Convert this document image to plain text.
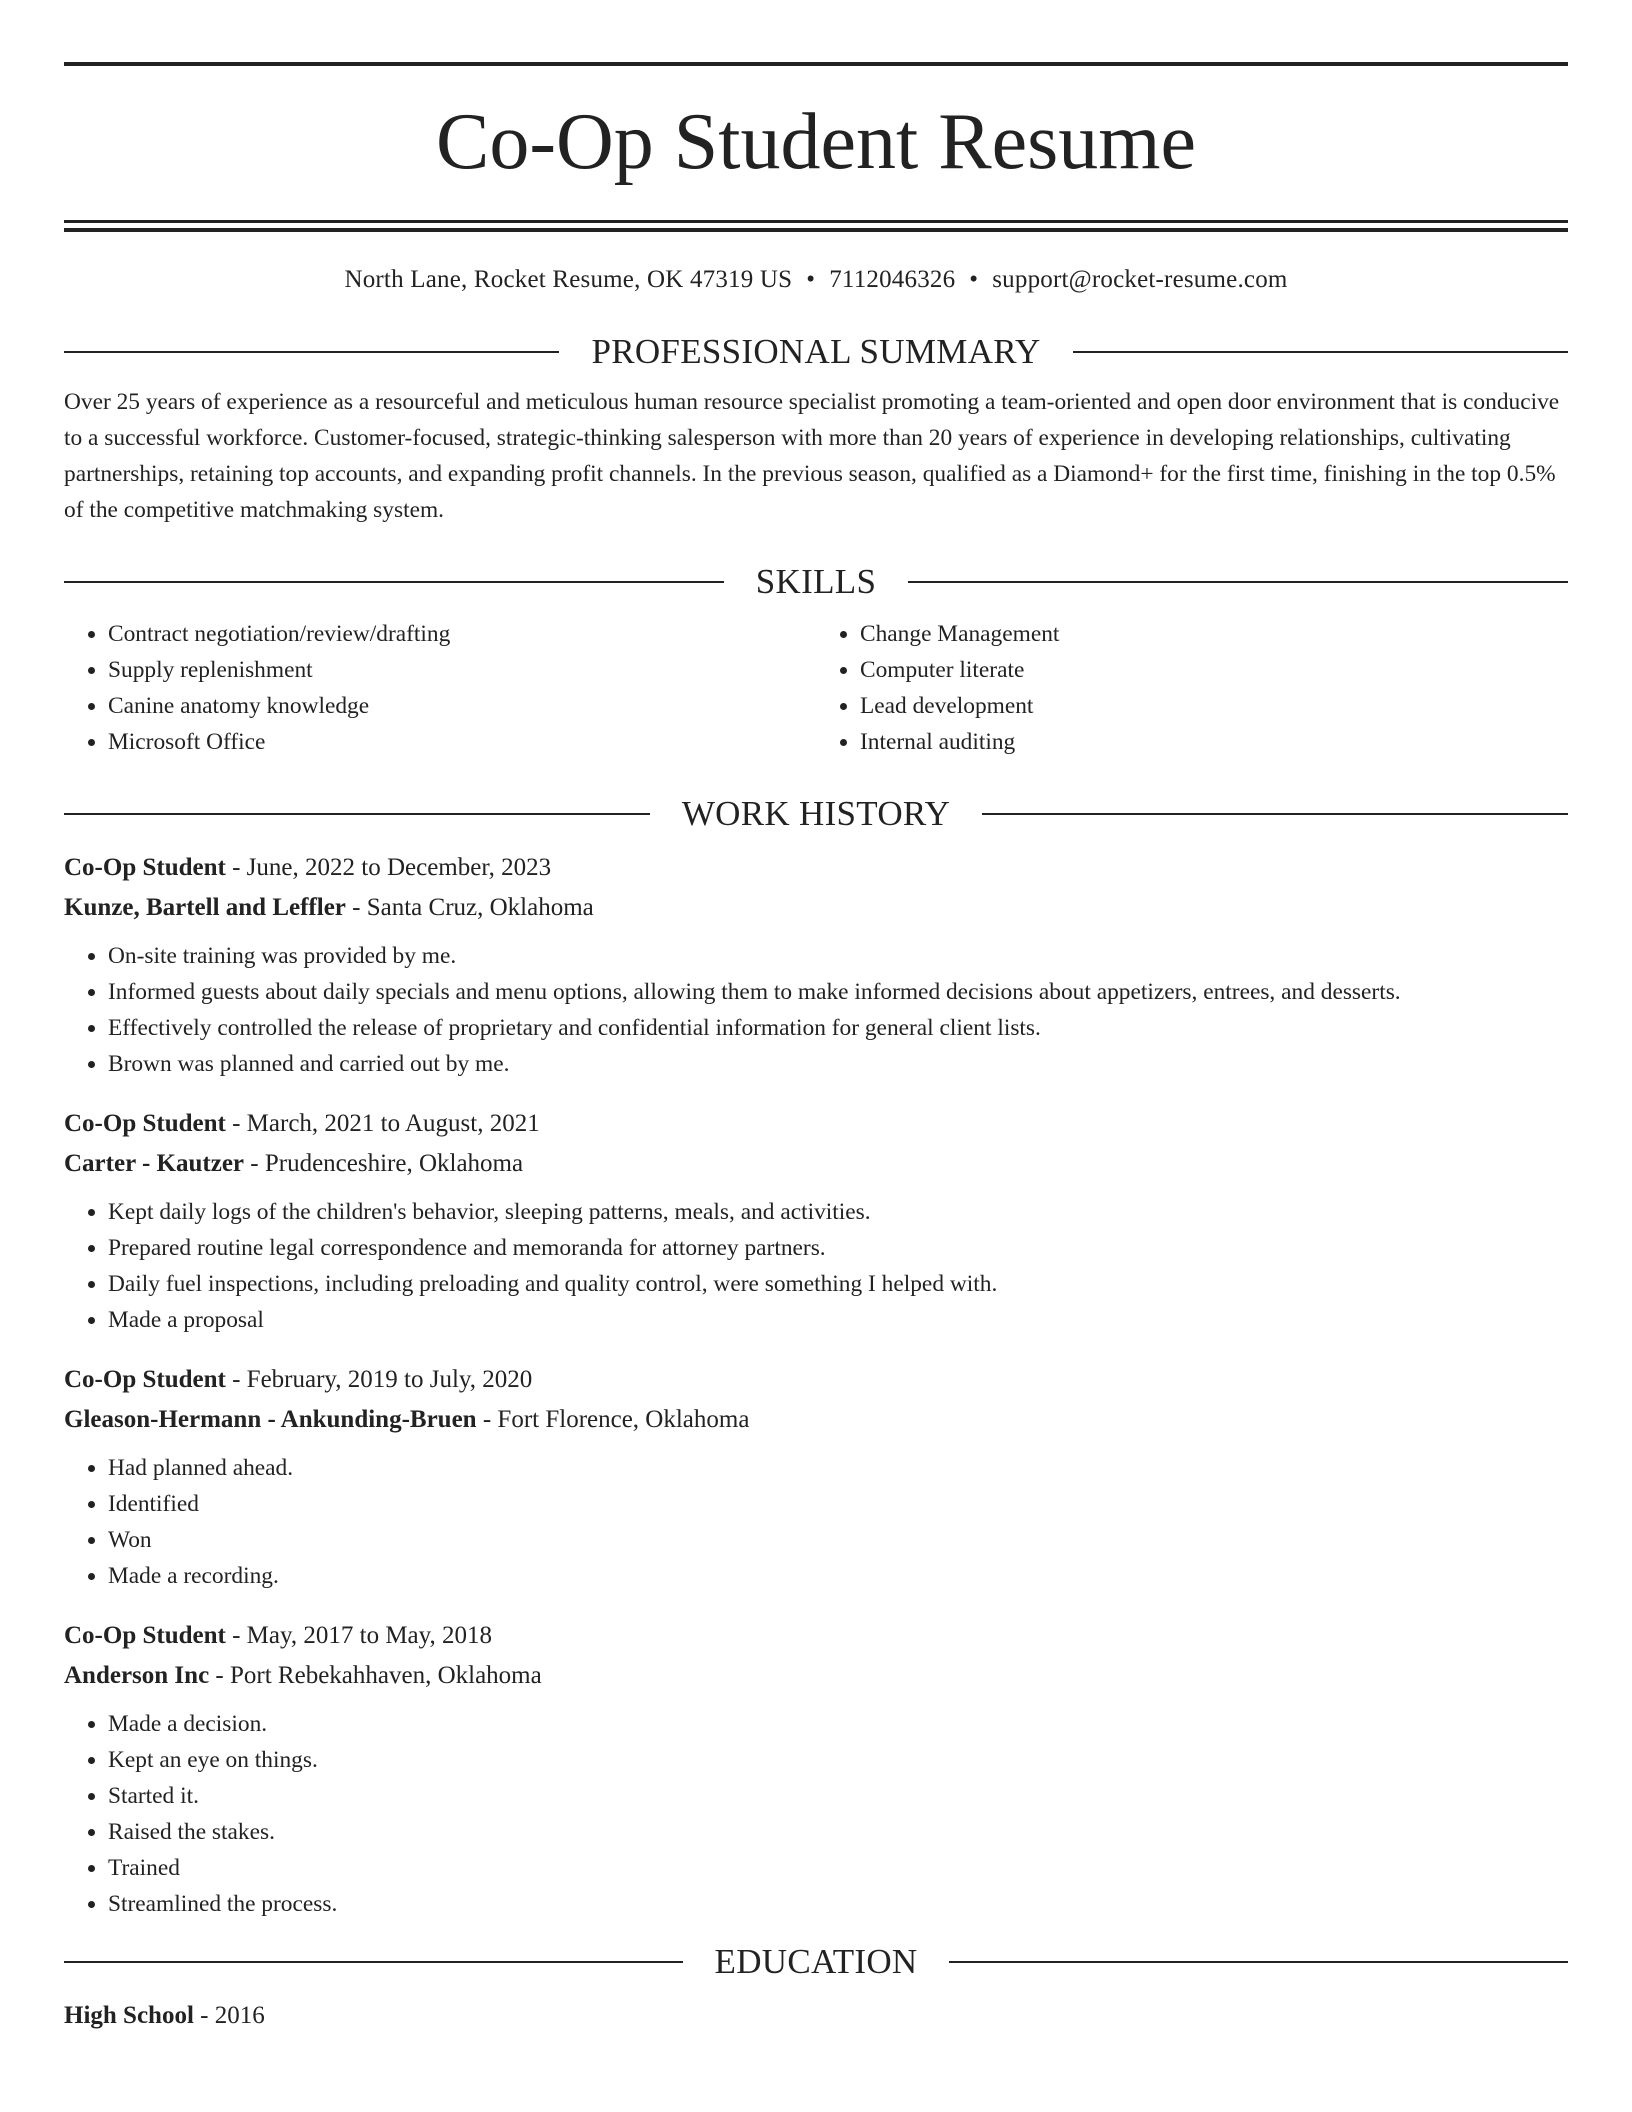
Co-Op Student Resume
North Lane, Rocket Resume, OK 47319 US • 7112046326 • support@rocket-resume.com
PROFESSIONAL SUMMARY

Over 25 years of experience as a resourceful and meticulous human resource specialist promoting a team-oriented and open door environment that is conducive to a successful workforce. Customer-focused, strategic-thinking salesperson with more than 20 years of experience in developing relationships, cultivating partnerships, retaining top accounts, and expanding profit channels. In the previous season, qualified as a Diamond+ for the first time, finishing in the top 0.5% of the competitive matchmaking system.

SKILLS
• Contract negotiation/review/drafting
• Supply replenishment
• Canine anatomy knowledge
• Microsoft Office
• Change Management
• Computer literate
• Lead development
• Internal auditing
WORK HISTORY
Co-Op Student - June, 2022 to December, 2023
Kunze, Bartell and Leffler - Santa Cruz, Oklahoma
• On-site training was provided by me.
• Informed guests about daily specials and menu options, allowing them to make informed decisions about appetizers, entrees, and desserts.
• Effectively controlled the release of proprietary and confidential information for general client lists.
• Brown was planned and carried out by me.
Co-Op Student - March, 2021 to August, 2021
Carter - Kautzer - Prudenceshire, Oklahoma
• Kept daily logs of the children's behavior, sleeping patterns, meals, and activities.
• Prepared routine legal correspondence and memoranda for attorney partners.
• Daily fuel inspections, including preloading and quality control, were something I helped with.
• Made a proposal
Co-Op Student - February, 2019 to July, 2020
Gleason-Hermann - Ankunding-Bruen - Fort Florence, Oklahoma
• Had planned ahead.
• Identified
• Won
• Made a recording.
Co-Op Student - May, 2017 to May, 2018
Anderson Inc - Port Rebekahhaven, Oklahoma
• Made a decision.
• Kept an eye on things.
• Started it.
• Raised the stakes.
• Trained
• Streamlined the process.
EDUCATION
High School - 2016
